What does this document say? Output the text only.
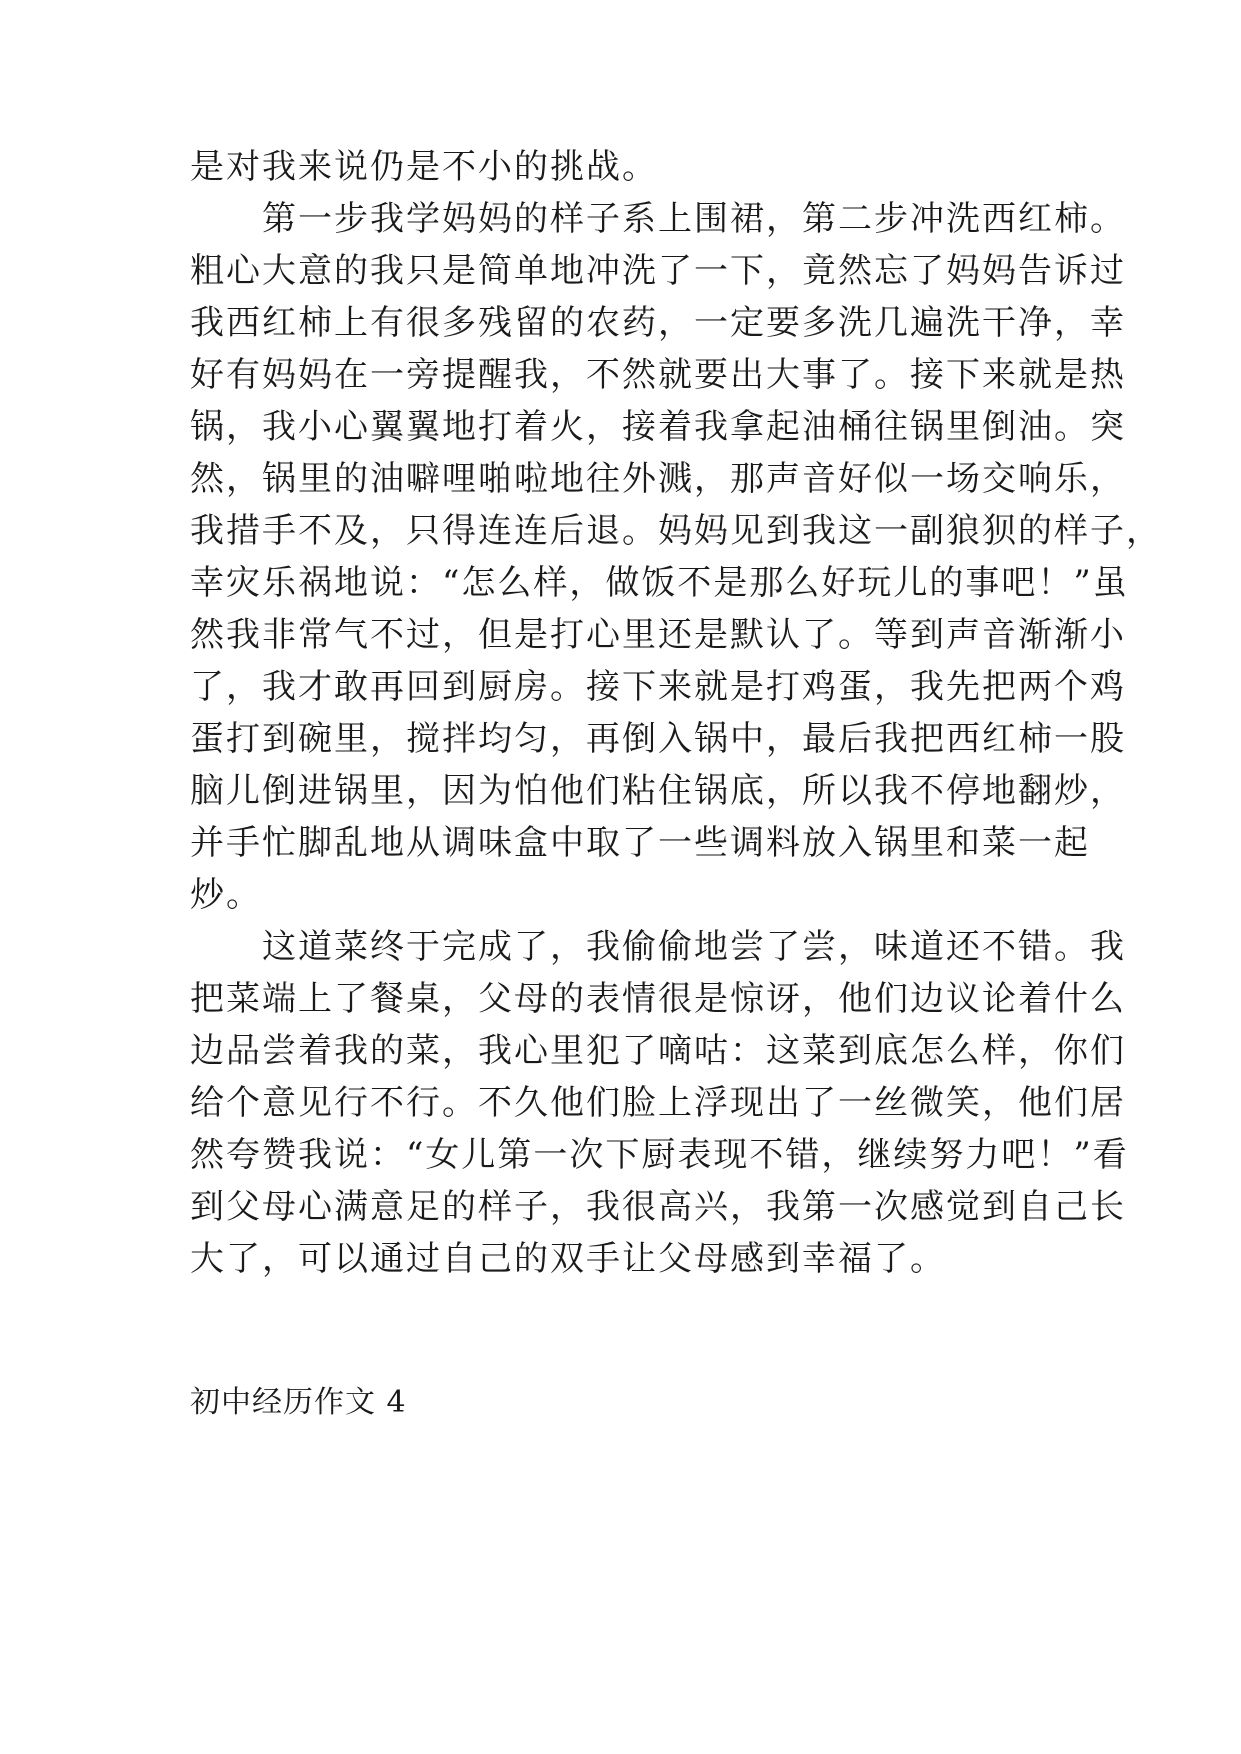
是对我来说仍是不小的挑战。
　　第一步我学妈妈的样子系上围裙，第二步冲洗西红柿。
粗心大意的我只是简单地冲洗了一下，竟然忘了妈妈告诉过
我西红柿上有很多残留的农药，一定要多洗几遍洗干净，幸
好有妈妈在一旁提醒我，不然就要出大事了。接下来就是热
锅，我小心翼翼地打着火，接着我拿起油桶往锅里倒油。突
然，锅里的油噼哩啪啦地往外溅，那声音好似一场交响乐，
我措手不及，只得连连后退。妈妈见到我这一副狼狈的样子，
幸灾乐祸地说：“怎么样，做饭不是那么好玩儿的事吧！”虽
然我非常气不过，但是打心里还是默认了。等到声音渐渐小
了，我才敢再回到厨房。接下来就是打鸡蛋，我先把两个鸡
蛋打到碗里，搅拌均匀，再倒入锅中，最后我把西红柿一股
脑儿倒进锅里，因为怕他们粘住锅底，所以我不停地翻炒，
并手忙脚乱地从调味盒中取了一些调料放入锅里和菜一起
炒。
　　这道菜终于完成了，我偷偷地尝了尝，味道还不错。我
把菜端上了餐桌，父母的表情很是惊讶，他们边议论着什么
边品尝着我的菜，我心里犯了嘀咕：这菜到底怎么样，你们
给个意见行不行。不久他们脸上浮现出了一丝微笑，他们居
然夸赞我说：“女儿第一次下厨表现不错，继续努力吧！”看
到父母心满意足的样子，我很高兴，我第一次感觉到自己长
大了，可以通过自己的双手让父母感到幸福了。
初中经历作文 4
